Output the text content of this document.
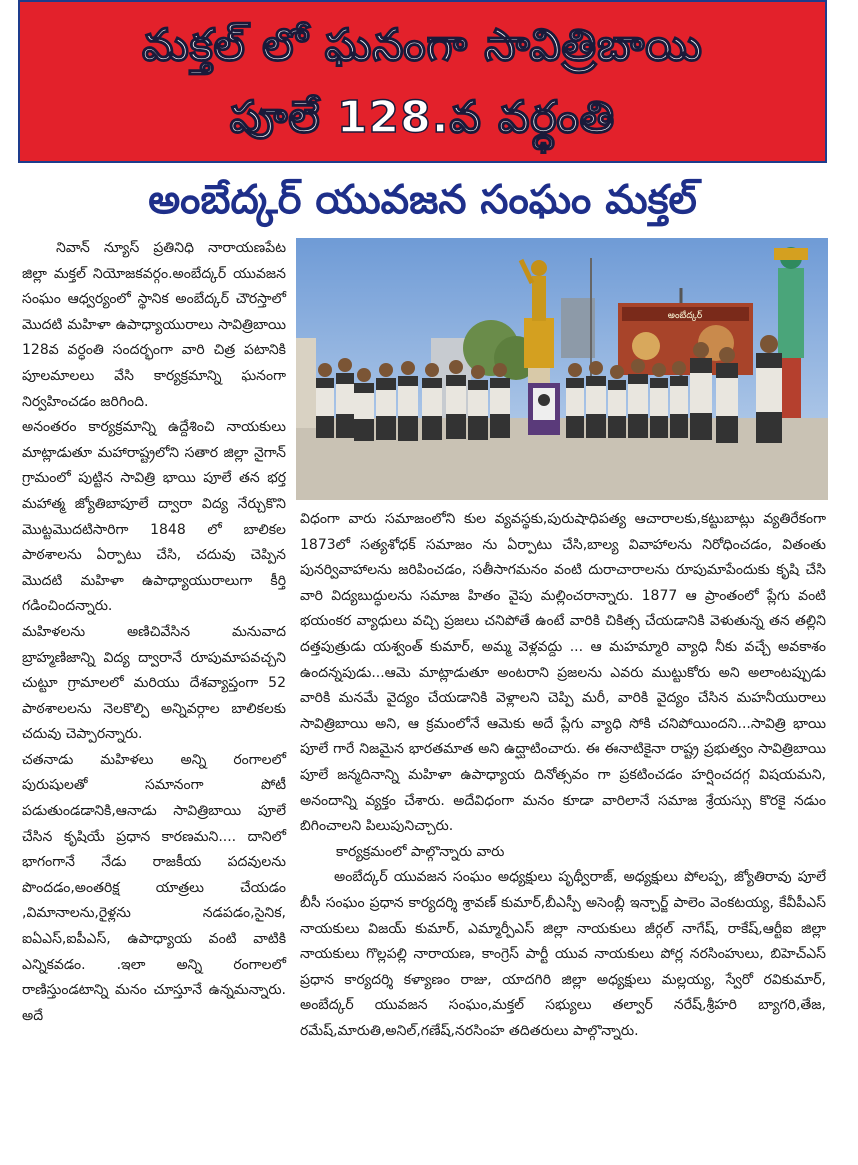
మక్తల్ లో ఘనంగా సావిత్రిబాయి
పూలే 128.వ వర్ధంతి
అంబేద్కర్ యువజన సంఘం మక్తల్

నివాన్ న్యూస్ ప్రతినిధి నారాయణపేట జిల్లా మక్తల్ నియోజకవర్గం.అంబేద్కర్ యువజన సంఘం ఆధ్వర్యంలో స్థానిక అంబేద్కర్ చౌరస్తాలో మొదటి మహిళా ఉపాధ్యాయురాలు సావిత్రిబాయి 128వ వర్ధంతి సందర్భంగా వారి చిత్ర పటానికి పూలమాలలు వేసి కార్యక్రమాన్ని ఘనంగా నిర్వహించడం జరిగింది.

అనంతరం కార్యక్రమాన్ని ఉద్దేశించి నాయకులు మాట్లాడుతూ మహారాష్ట్రలోని సతార జిల్లా నైగాన్ గ్రామంలో పుట్టిన సావిత్రి భాయి పూలే తన భర్త మహాత్మ జ్యోతిబాపూలే ద్వారా విద్య నేర్చుకొని మొట్టమొదటిసారిగా 1848 లో బాలికల పాఠశాలను ఏర్పాటు చేసి, చదువు చెప్పిన మొదటి మహిళా ఉపాధ్యాయురాలుగా కీర్తి గడించిందన్నారు.

మహిళలను అణిచివేసిన మనువాద బ్రాహ్మణిజాన్ని విద్య ద్వారానే రూపుమాపవచ్చని చుట్టూ గ్రామాలలో మరియు దేశవ్యాప్తంగా 52 పాఠశాలలను నెలకొల్పి అన్నివర్గాల బాలికలకు చదువు చెప్పారన్నారు.

చతనాడు మహిళలు అన్ని రంగాలలో పురుషులతో సమానంగా పోటీ పడుతుండడానికి,ఆనాడు సావిత్రిబాయి పూలే చేసిన కృషియే ప్రధాన కారణమని.... దానిలో భాగంగానే నేడు రాజకీయ పదవులను పొందడం,అంతరిక్ష యాత్రలు చేయడం ,విమానాలను,రైళ్లను నడపడం,సైనిక, ఐఏఎస్,ఐపీఎస్, ఉపాధ్యాయ వంటి వాటికి ఎన్నికవడం. .ఇలా అన్ని రంగాలలో రాణిస్తుండటాన్ని మనం చూస్తూనే ఉన్నమన్నారు. అదే

అంబేద్కర్

విధంగా వారు సమాజంలోని కుల వ్యవస్థకు,పురుషాధిపత్య ఆచారాలకు,కట్టుబాట్లు వ్యతిరేకంగా 1873లో సత్యశోధక్ సమాజం ను ఏర్పాటు చేసి,బాల్య వివాహాలను నిరోధించడం, వితంతు పునర్వివాహాలను జరిపించడం, సతీసాగమనం వంటి దురాచారాలను రూపుమాపేందుకు కృషి చేసి వారి విద్యబుద్ధులను సమాజ హితం వైపు మల్లించరాన్నారు. 1877 ఆ ప్రాంతంలో ప్లేగు వంటి భయంకర వ్యాధులు వచ్చి ప్రజలు చనిపోతే ఉంటే వారికి చికిత్స చేయడానికి వెళుతున్న తన తల్లిని దత్తపుత్రుడు యశ్వంత్ కుమార్, అమ్మ వెళ్లవద్దు ... ఆ మహమ్మారి వ్యాధి నీకు వచ్చే అవకాశం ఉందన్నపుడు...ఆమె మాట్లాడుతూ అంటరాని ప్రజలను ఎవరు ముట్టుకోరు అని అలాంటప్పుడు వారికి మనమే వైద్యం చేయడానికి వెళ్లాలని చెప్పి మరీ, వారికి వైద్యం చేసిన మహనీయురాలు సావిత్రిబాయి అని, ఆ క్రమంలోనే ఆమెకు అదే ప్లేగు వ్యాధి సోకి చనిపోయిందని...సావిత్రి భాయి పూలే గారే నిజమైన భారతమాత అని ఉద్ఘాటించారు. ఈ ఈనాటికైనా రాష్ట్ర ప్రభుత్వం సావిత్రిబాయి పూలే జన్మదినాన్ని మహిళా ఉపాధ్యాయ దినోత్సవం గా ప్రకటించడం హర్షించదగ్గ విషయమని, అనందాన్ని వ్యక్తం చేశారు. అదేవిధంగా మనం కూడా వారిలానే సమాజ శ్రేయస్సు కొరకై నడుం బిగించాలని పిలుపునిచ్చారు.

కార్యక్రమంలో పాల్గొన్నారు వారు

అంబేద్కర్ యువజన సంఘం అధ్యక్షులు పృథ్వీరాజ్, అధ్యక్షులు పోలప్ప, జ్యోతిరావు పూలే బీసీ సంఘం ప్రధాన కార్యదర్శి శ్రావణ్ కుమార్,బీఎస్పీ అసెంబ్లీ ఇన్చార్జ్ పాలెం వెంకటయ్య, కేవీపీఎస్ నాయకులు విజయ్ కుమార్, ఎమ్మార్పీఎస్ జిల్లా నాయకులు జీర్గల్ నాగేష్, రాకేష్,ఆర్టీఐ జిల్లా నాయకులు గొల్లపల్లి నారాయణ, కాంగ్రెస్ పార్టీ యువ నాయకులు పోర్ల నరసింహులు, బిహెచ్ఎస్ ప్రధాన కార్యదర్శి కళ్యాణం రాజు, యాదగిరి జిల్లా అధ్యక్షులు మల్లయ్య, స్వేరో రవికుమార్, అంబేద్కర్ యువజన సంఘం,మక్తల్ సభ్యులు తల్వార్ నరేష్,శ్రీహరి బ్యాగరి,తేజ, రమేష్,మారుతి,అనిల్,గణేష్,నరసింహ తదితరులు పాల్గొన్నారు.
